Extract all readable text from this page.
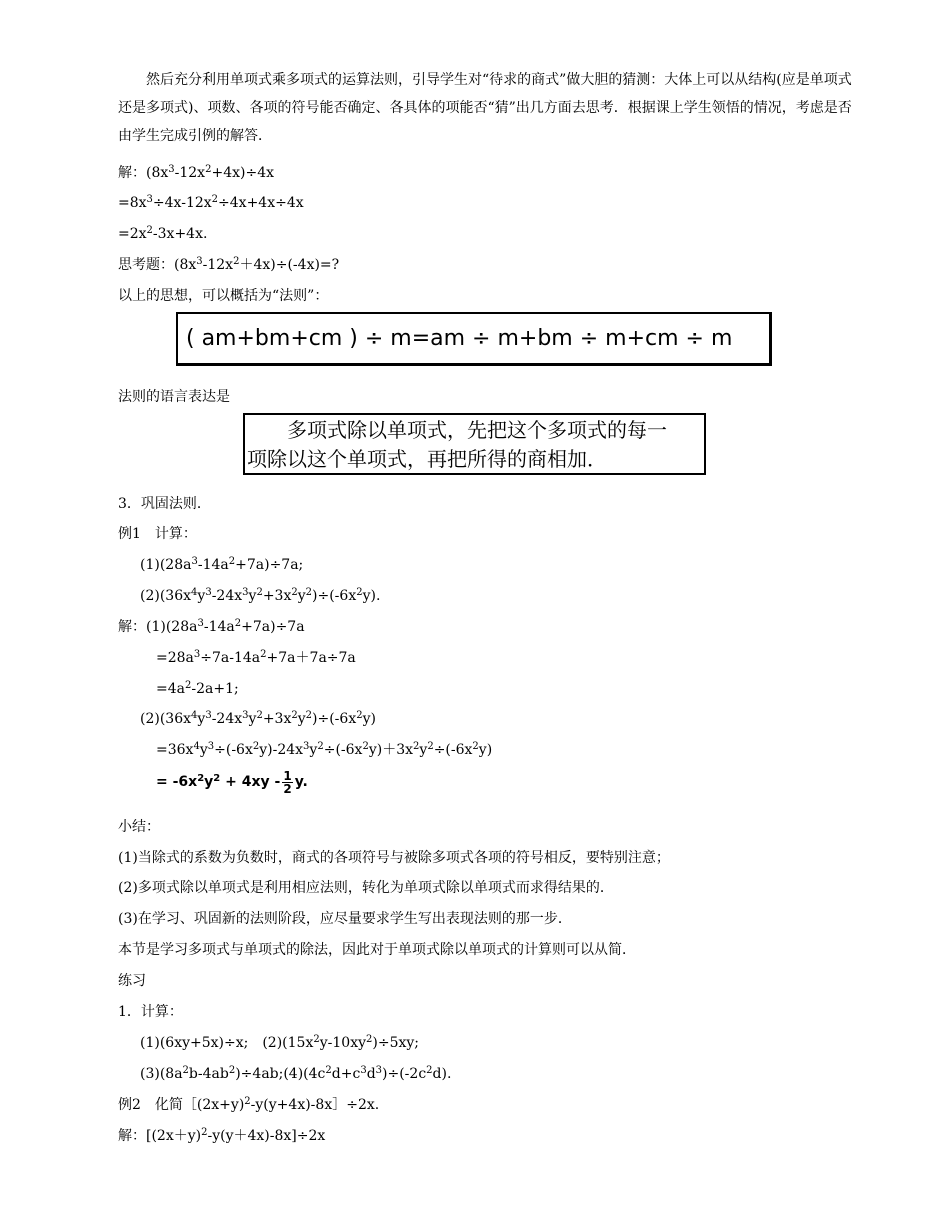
然后充分利用单项式乘多项式的运算法则，引导学生对“待求的商式”做大胆的猜测：大体上可以从结构(应是单项式还是多项式)、项数、各项的符号能否确定、各具体的项能否“猜”出几方面去思考．根据课上学生领悟的情况，考虑是否由学生完成引例的解答．
解：$(8x^3-12x^2+4x)\div 4x$
$=8x^3\div 4x-12x^2\div 4x+4x\div 4x$
$=2x^2-3x+4x$.
思考题：$(8x^3-12x^2+4x)\div(-4x)=$?
以上的思想，可以概括为“法则”：
( am+bm+cm ) ÷ m=am ÷ m+bm ÷ m+cm ÷ m
法则的语言表达是
多项式除以单项式，先把这个多项式的每一
项除以这个单项式，再把所得的商相加．
3．巩固法则．
例1　计算：
$(1)(28a^3-14a^2+7a)\div 7a$;
$(2)(36x^4y^3-24x^3y^2+3x^2y^2)\div(-6x^2y)$.
解：$(1)(28a^3-14a^2+7a)\div 7a$
$=28a^3\div 7a-14a^2+7a+7a\div 7a$
$=4a^2-2a+1$;
$(2)(36x^4y^3-24x^3y^2+3x^2y^2)\div(-6x^2y)$
$=36x^4y^3\div(-6x^2y)-24x^3y^2\div(-6x^2y)+3x^2y^2\div(-6x^2y)$
= $-6x^2y^2 + 4xy - \frac{1}{2} y$.
小结：
(1)当除式的系数为负数时，商式的各项符号与被除多项式各项的符号相反，要特别注意；
(2)多项式除以单项式是利用相应法则，转化为单项式除以单项式而求得结果的．
(3)在学习、巩固新的法则阶段，应尽量要求学生写出表现法则的那一步．
本节是学习多项式与单项式的除法，因此对于单项式除以单项式的计算则可以从简．
练习
1．计算：
(1)(6xy+5x)÷x;　$(2)(15x^2y-10xy^2)\div 5xy$;
$(3)(8a^2b-4ab^2)\div 4ab;(4)(4c^2d+c^3d^3)\div(-2c^2d)$.
例2　化简$[(2x+y)^2-y(y+4x)-8x]\div 2x$.
解：$[(2x+y)^2-y(y+4x)-8x]\div 2x$
